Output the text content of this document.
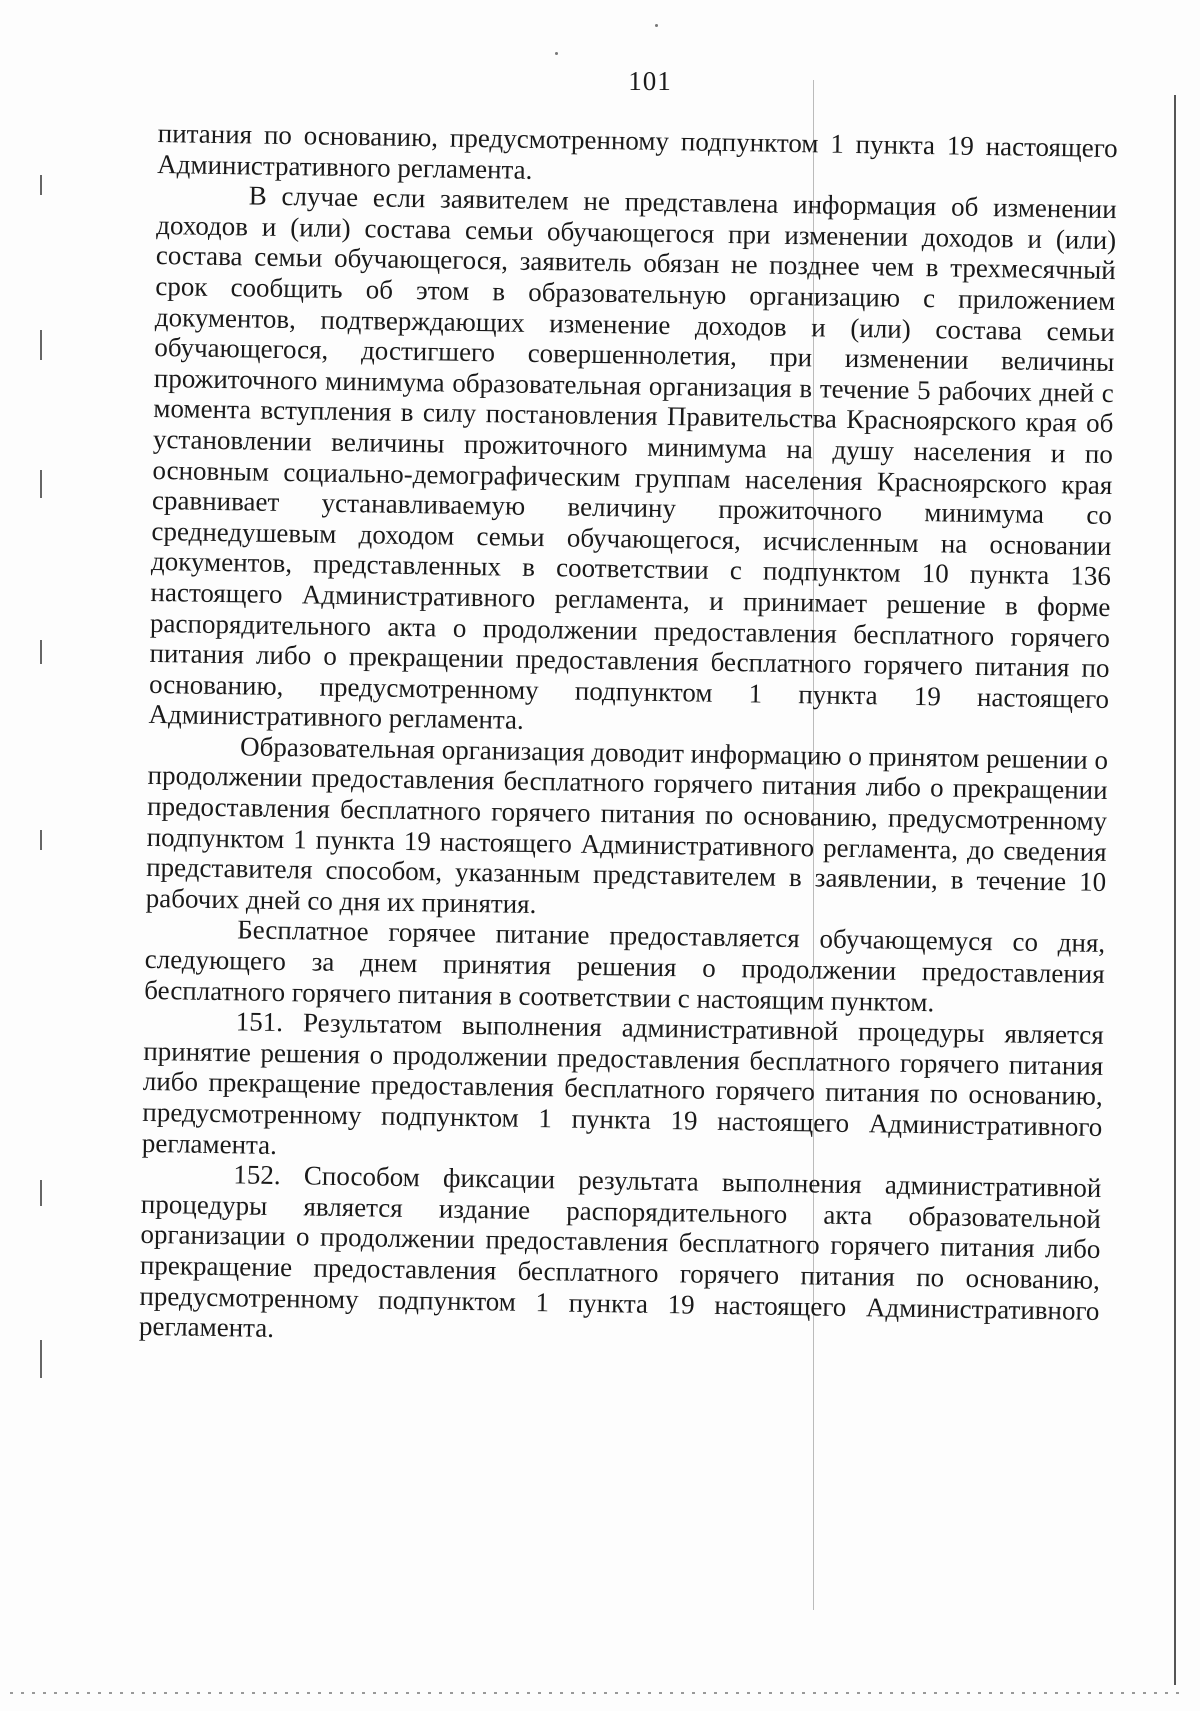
101

питания по основанию, предусмотренному подпунктом 1 пункта 19 настоящего Административного регламента.

В случае если заявителем не представлена информация об изменении доходов и (или) состава семьи обучающегося при изменении доходов и (или) состава семьи обучающегося, заявитель обязан не позднее чем в трехмесячный срок сообщить об этом в образовательную организацию с приложением документов, подтверждающих изменение доходов и (или) состава семьи обучающегося, достигшего совершеннолетия, при изменении величины прожиточного минимума образовательная организация в течение 5 рабочих дней с момента вступления в силу постановления Правительства Красноярского края об установлении величины прожиточного минимума на душу населения и по основным социально-демографическим группам населения Красноярского края сравнивает устанавливаемую величину прожиточного минимума со среднедушевым доходом семьи обучающегося, исчисленным на основании документов, представленных в соответствии с подпунктом 10 пункта 136 настоящего Административного регламента, и принимает решение в форме распорядительного акта о продолжении предоставления бесплатного горячего питания либо о прекращении предоставления бесплатного горячего питания по основанию, предусмотренному подпунктом 1 пункта 19 настоящего Административного регламента.

Образовательная организация доводит информацию о принятом решении о продолжении предоставления бесплатного горячего питания либо о прекращении предоставления бесплатного горячего питания по основанию, предусмотренному подпунктом 1 пункта 19 настоящего Административного регламента, до сведения представителя способом, указанным представителем в заявлении, в течение 10 рабочих дней со дня их принятия.

Бесплатное горячее питание предоставляется обучающемуся со дня, следующего за днем принятия решения о продолжении предоставления бесплатного горячего питания в соответствии с настоящим пунктом.

151. Результатом выполнения административной процедуры является принятие решения о продолжении предоставления бесплатного горячего питания либо прекращение предоставления бесплатного горячего питания по основанию, предусмотренному подпунктом 1 пункта 19 настоящего Административного регламента.

152. Способом фиксации результата выполнения административной процедуры является издание распорядительного акта образовательной организации о продолжении предоставления бесплатного горячего питания либо прекращение предоставления бесплатного горячего питания по основанию, предусмотренному подпунктом 1 пункта 19 настоящего Административного регламента.
